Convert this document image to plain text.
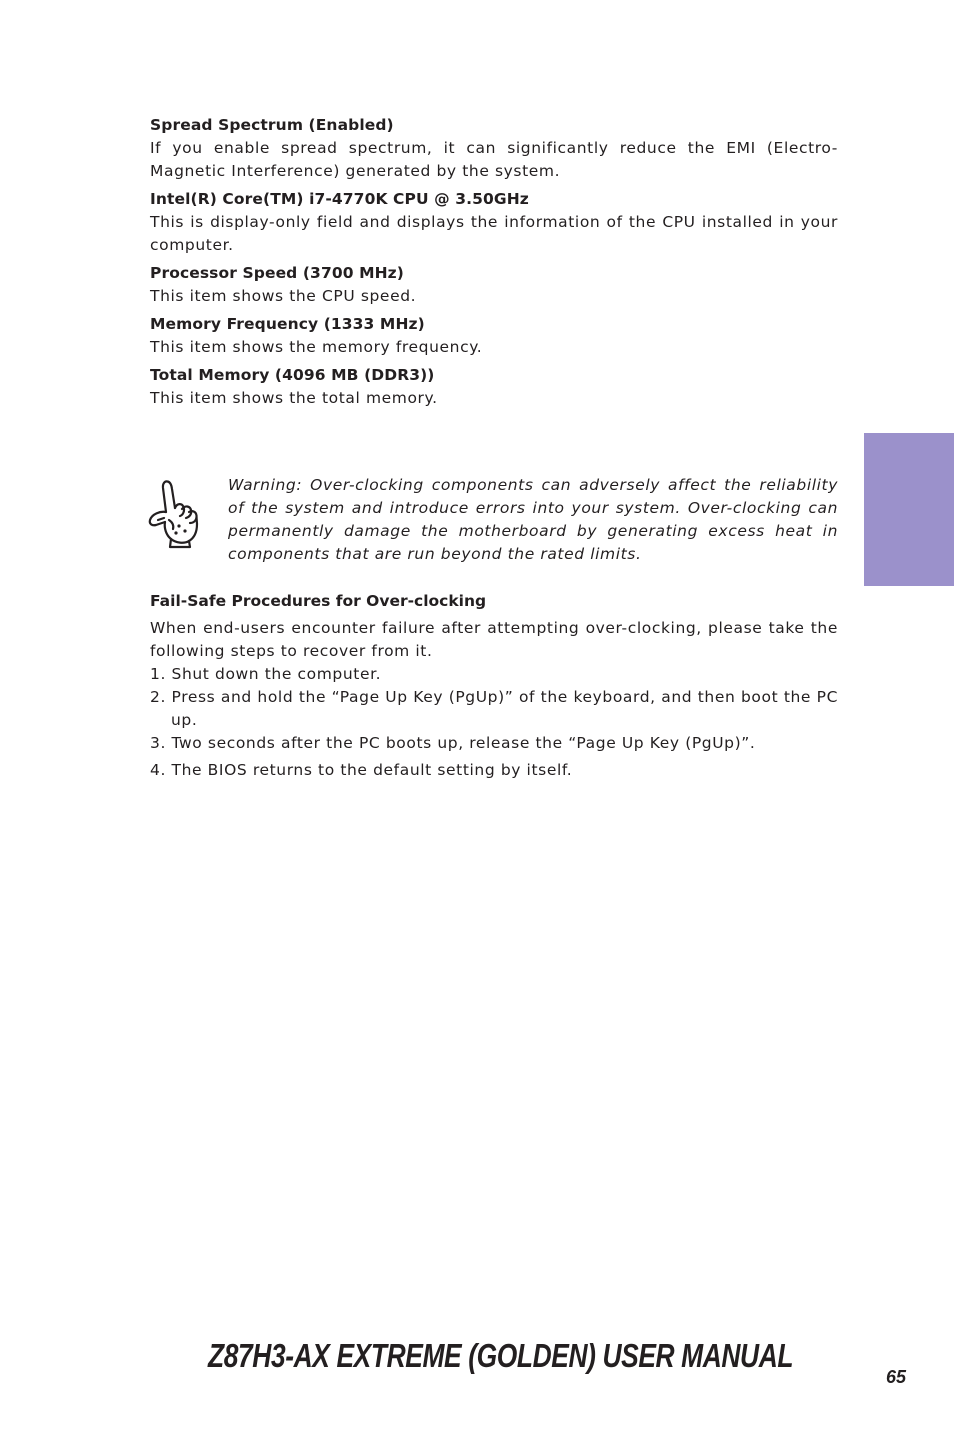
Spread Spectrum (Enabled)
If you enable spread spectrum, it can significantly reduce the EMI (Electro-Magnetic Interference) generated by the system.
Intel(R) Core(TM) i7-4770K CPU @ 3.50GHz
This is display-only field and displays the information of the CPU installed in your computer.
Processor Speed (3700 MHz)
This item shows the CPU speed.
Memory Frequency (1333 MHz)
This item shows the memory frequency.
Total Memory (4096 MB (DDR3))
This item shows the total memory.
Warning: Over-clocking components can adversely affect the reliability of the system and introduce errors into your system. Over-clocking can permanently damage the motherboard by generating excess heat in components that are run beyond the rated limits.
Fail-Safe Procedures for Over-clocking
When end-users encounter failure after attempting over-clocking, please take the following steps to recover from it.
1. Shut down the computer.
2. Press and hold the “Page Up Key (PgUp)” of the keyboard, and then boot the PC up.
3. Two seconds after the PC boots up, release the “Page Up Key (PgUp)”.
4. The BIOS returns to the default setting by itself.
Z87H3-AX EXTREME (GOLDEN) USER MANUAL
65
